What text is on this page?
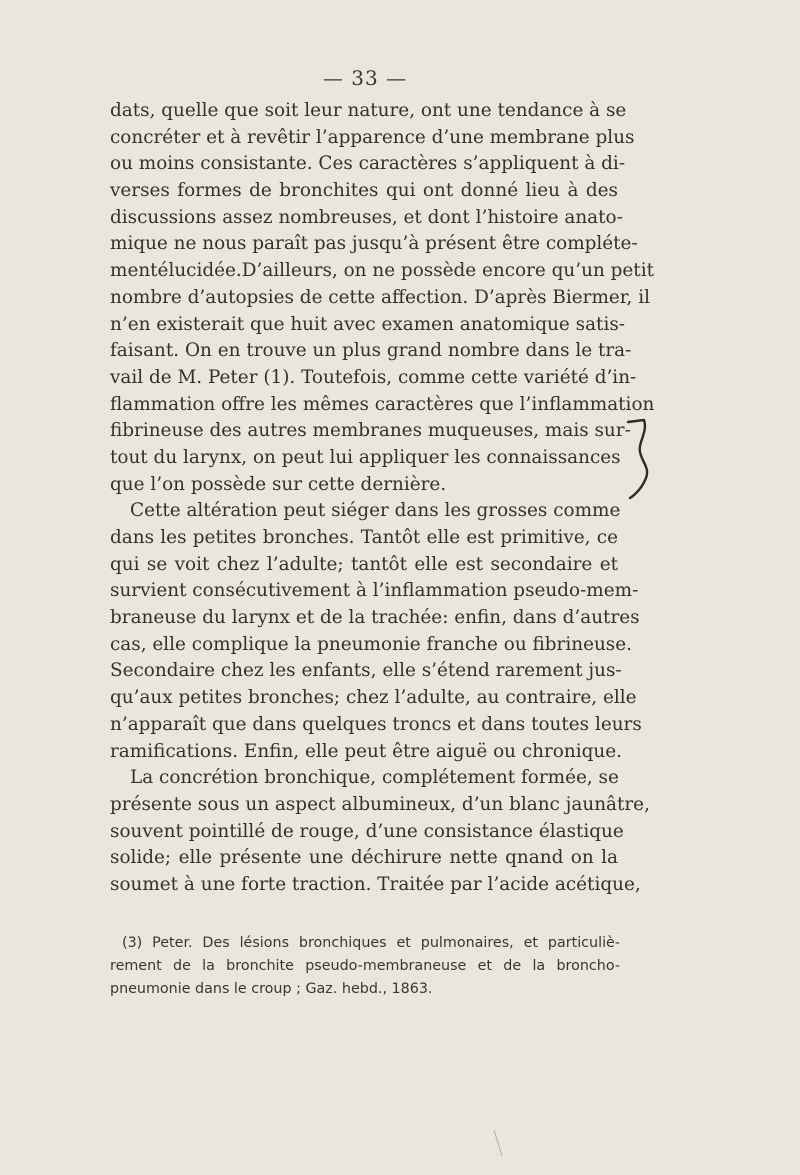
— 33 —
dats, quelle que soit leur nature, ont une tendance à se
concréter et à revêtir l’apparence d’une membrane plus
ou moins consistante. Ces caractères s’appliquent à di-
verses formes de bronchites qui ont donné lieu à des
discussions assez nombreuses, et dont l’histoire anato-
mique ne nous paraît pas jusqu’à présent être compléte-
mentélucidée.D’ailleurs, on ne possède encore qu’un petit
nombre d’autopsies de cette affection. D’après Biermer, il
n’en existerait que huit avec examen anatomique satis-
faisant. On en trouve un plus grand nombre dans le tra-
vail de M. Peter (1). Toutefois, comme cette variété d’in-
flammation offre les mêmes caractères que l’inflammation
fibrineuse des autres membranes muqueuses, mais sur-
tout du larynx, on peut lui appliquer les connaissances
que l’on possède sur cette dernière.
Cette altération peut siéger dans les grosses comme
dans les petites bronches. Tantôt elle est primitive, ce
qui se voit chez l’adulte; tantôt elle est secondaire et
survient consécutivement à l’inflammation pseudo-mem-
braneuse du larynx et de la trachée: enfin, dans d’autres
cas, elle complique la pneumonie franche ou fibrineuse.
Secondaire chez les enfants, elle s’étend rarement jus-
qu’aux petites bronches; chez l’adulte, au contraire, elle
n’apparaît que dans quelques troncs et dans toutes leurs
ramifications. Enfin, elle peut être aiguë ou chronique.
La concrétion bronchique, complétement formée, se
présente sous un aspect albumineux, d’un blanc jaunâtre,
souvent pointillé de rouge, d’une consistance élastique
solide; elle présente une déchirure nette qnand on la
soumet à une forte traction. Traitée par l’acide acétique,
(3) Peter. Des lésions bronchiques et pulmonaires, et particuliè-
rement de la bronchite pseudo-membraneuse et de la broncho-
pneumonie dans le croup ; Gaz. hebd., 1863.
